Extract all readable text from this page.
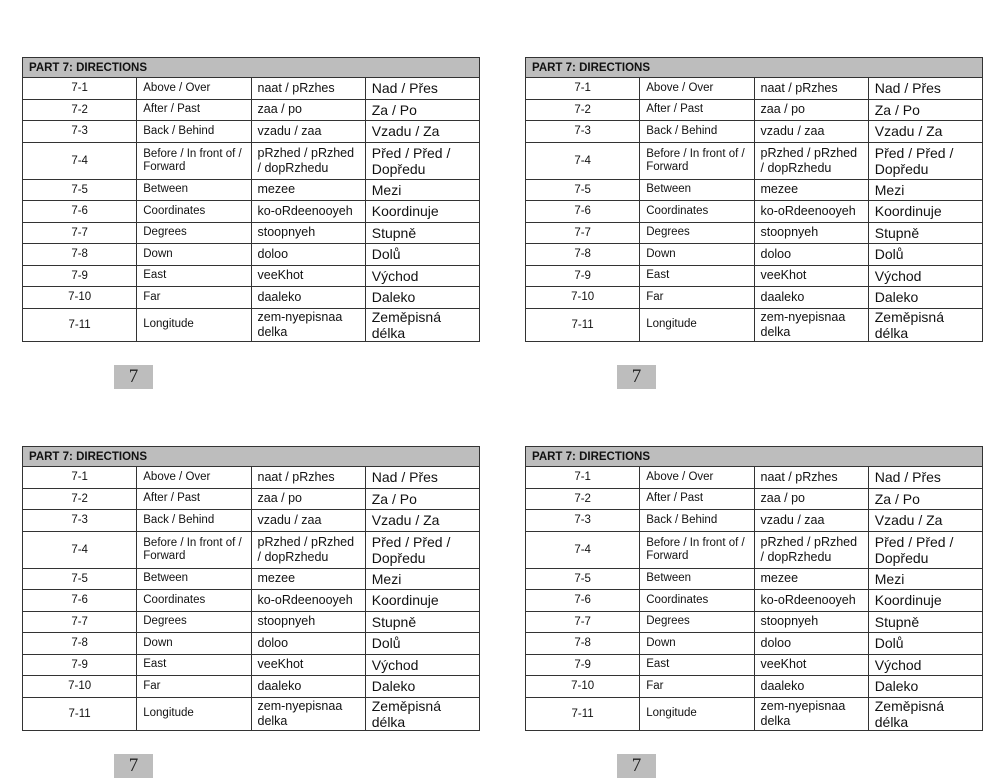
PART 7: DIRECTIONS			
7-1	Above / Over	naat / pRzhes	Nad / Přes
7-2	After / Past	zaa / po	Za / Po
7-3	Back / Behind	vzadu / zaa	Vzadu / Za
7-4	Before / In front of / Forward	pRzhed / pRzhed / dopRzhedu	Před / Před / Dopředu
7-5	Between	mezee	Mezi
7-6	Coordinates	ko-oRdeenooyeh	Koordinuje
7-7	Degrees	stoopnyeh	Stupně
7-8	Down	doloo	Dolů
7-9	East	veeKhot	Východ
7-10	Far	daaleko	Daleko
7-11	Longitude	zem-nyepisnaa delka	Zeměpisná délka
7
PART 7: DIRECTIONS			
7-1	Above / Over	naat / pRzhes	Nad / Přes
7-2	After / Past	zaa / po	Za / Po
7-3	Back / Behind	vzadu / zaa	Vzadu / Za
7-4	Before / In front of / Forward	pRzhed / pRzhed / dopRzhedu	Před / Před / Dopředu
7-5	Between	mezee	Mezi
7-6	Coordinates	ko-oRdeenooyeh	Koordinuje
7-7	Degrees	stoopnyeh	Stupně
7-8	Down	doloo	Dolů
7-9	East	veeKhot	Východ
7-10	Far	daaleko	Daleko
7-11	Longitude	zem-nyepisnaa delka	Zeměpisná délka
7
PART 7: DIRECTIONS			
7-1	Above / Over	naat / pRzhes	Nad / Přes
7-2	After / Past	zaa / po	Za / Po
7-3	Back / Behind	vzadu / zaa	Vzadu / Za
7-4	Before / In front of / Forward	pRzhed / pRzhed / dopRzhedu	Před / Před / Dopředu
7-5	Between	mezee	Mezi
7-6	Coordinates	ko-oRdeenooyeh	Koordinuje
7-7	Degrees	stoopnyeh	Stupně
7-8	Down	doloo	Dolů
7-9	East	veeKhot	Východ
7-10	Far	daaleko	Daleko
7-11	Longitude	zem-nyepisnaa delka	Zeměpisná délka
7
PART 7: DIRECTIONS			
7-1	Above / Over	naat / pRzhes	Nad / Přes
7-2	After / Past	zaa / po	Za / Po
7-3	Back / Behind	vzadu / zaa	Vzadu / Za
7-4	Before / In front of / Forward	pRzhed / pRzhed / dopRzhedu	Před / Před / Dopředu
7-5	Between	mezee	Mezi
7-6	Coordinates	ko-oRdeenooyeh	Koordinuje
7-7	Degrees	stoopnyeh	Stupně
7-8	Down	doloo	Dolů
7-9	East	veeKhot	Východ
7-10	Far	daaleko	Daleko
7-11	Longitude	zem-nyepisnaa delka	Zeměpisná délka
7
